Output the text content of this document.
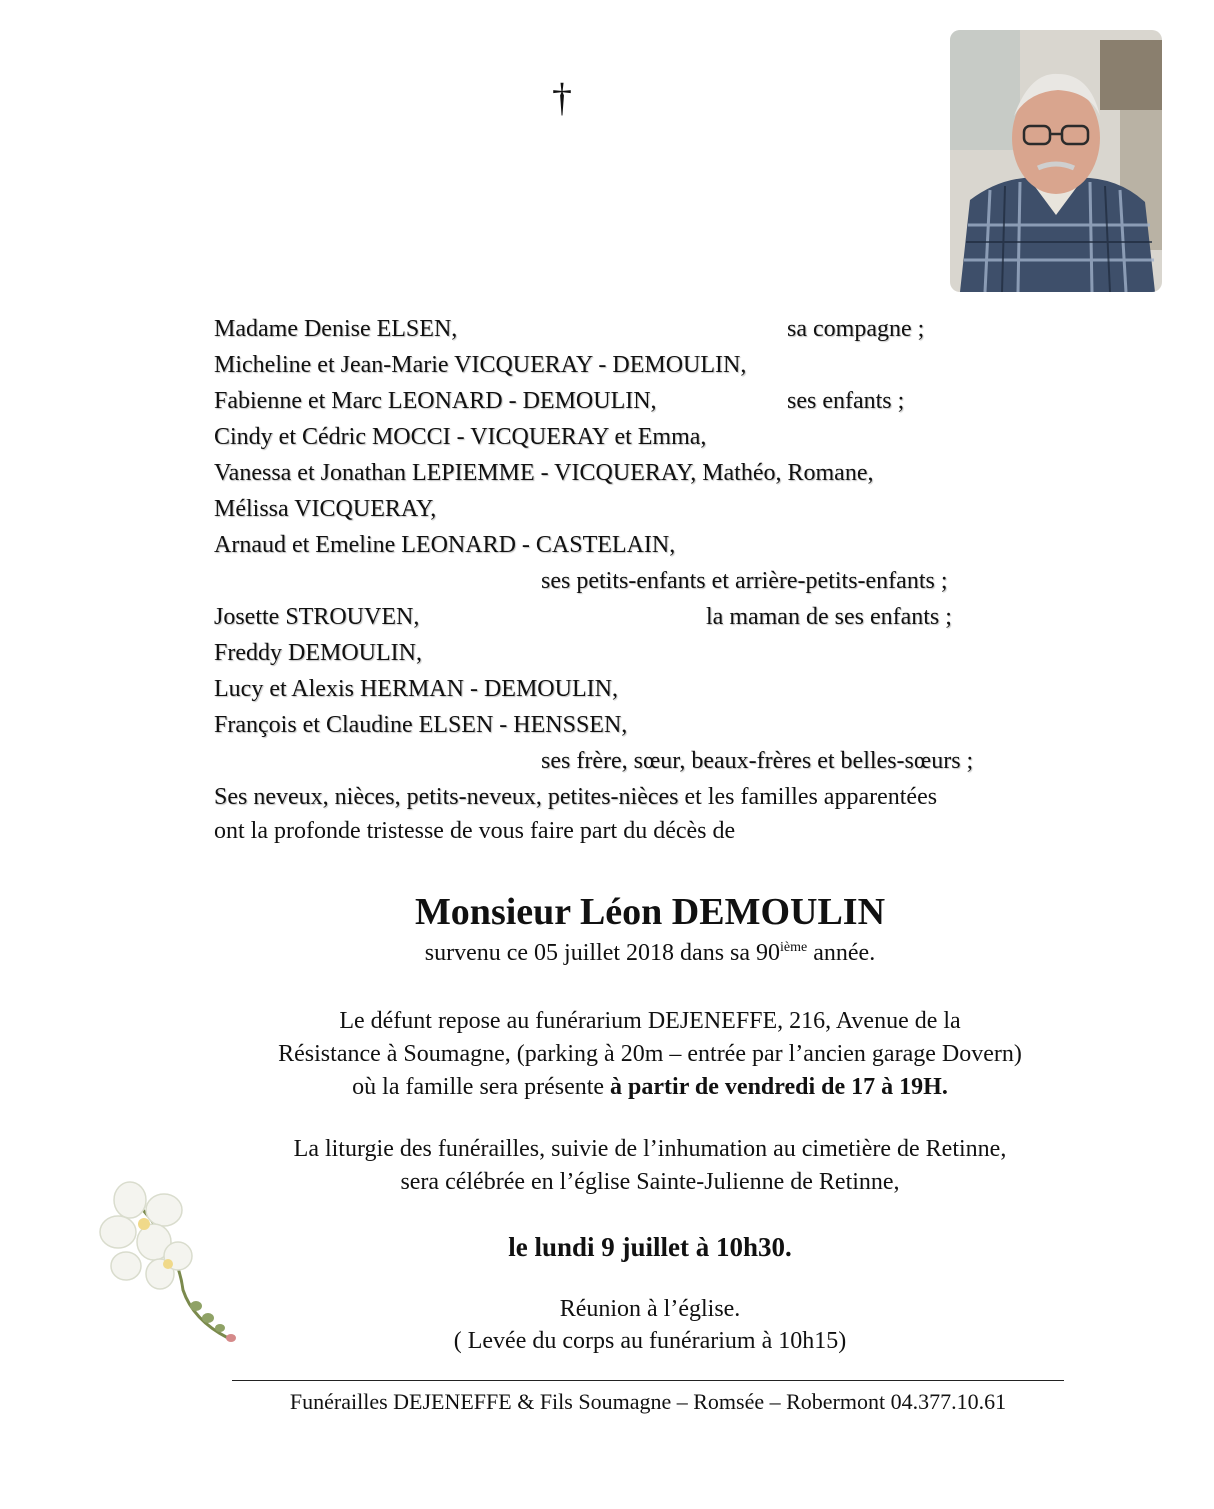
†
Madame Denise ELSEN,	sa compagne ;
Micheline et Jean-Marie VICQUERAY - DEMOULIN,
Fabienne et Marc LEONARD - DEMOULIN,	ses enfants ;
Cindy et Cédric MOCCI - VICQUERAY et Emma,
Vanessa et Jonathan LEPIEMME - VICQUERAY, Mathéo, Romane,
Mélissa VICQUERAY,
Arnaud et Emeline LEONARD - CASTELAIN,
ses petits-enfants et arrière-petits-enfants ;
Josette STROUVEN,	la maman de ses enfants ;
Freddy DEMOULIN,
Lucy et Alexis HERMAN - DEMOULIN,
François et Claudine ELSEN - HENSSEN,
ses frère, sœur, beaux-frères et belles-sœurs ;
Ses neveux, nièces, petits-neveux, petites-nièces et les familles apparentées
ont la profonde tristesse de vous faire part du décès de
Monsieur Léon DEMOULIN
survenu ce 05 juillet 2018 dans sa 90ième année.
Le défunt repose au funérarium DEJENEFFE, 216, Avenue de la
Résistance à Soumagne, (parking à 20m – entrée par l’ancien garage Dovern)
où la famille sera présente à partir de vendredi de 17 à 19H.
La liturgie des funérailles, suivie de l’inhumation au cimetière de Retinne,
sera célébrée en l’église Sainte-Julienne de Retinne,
le lundi 9 juillet à 10h30.
Réunion à l’église.
( Levée du corps au funérarium à 10h15)
Funérailles DEJENEFFE & Fils Soumagne – Romsée – Robermont 04.377.10.61
